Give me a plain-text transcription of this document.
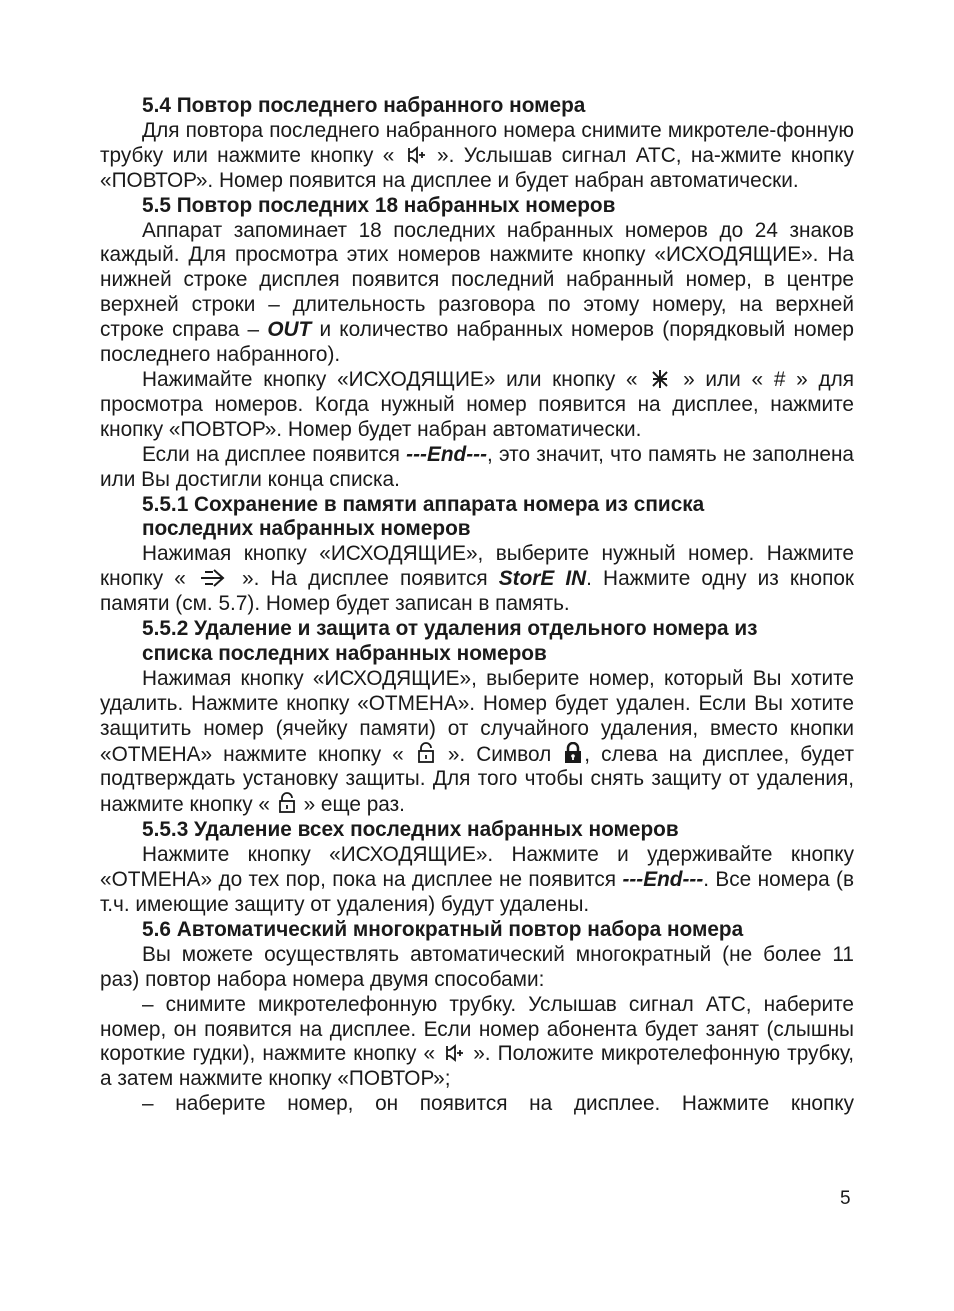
5.4 Повтор последнего набранного номера

Для повтора последнего набранного номера снимите микротеле-фонную трубку или нажмите кнопку « ». Услышав сигнал АТС, на-жмите кнопку «ПОВТОР». Номер появится на дисплее и будет набран автоматически.

5.5 Повтор последних 18 набранных номеров

Аппарат запоминает 18 последних набранных номеров до 24 знаков каждый. Для просмотра этих номеров нажмите кнопку «ИСХОДЯЩИЕ». На нижней строке дисплея появится последний набранный номер, в центре верхней строки – длительность разговора по этому номеру, на верхней строке справа – OUT и количество набранных номеров (порядковый номер последнего набранного).

Нажимайте кнопку «ИСХОДЯЩИЕ» или кнопку « » или « # » для просмотра номеров. Когда нужный номер появится на дисплее, нажмите кнопку «ПОВТОР». Номер будет набран автоматически.

Если на дисплее появится ---End---, это значит, что память не заполнена или Вы достигли конца списка.

5.5.1 Сохранение в памяти аппарата номера из списка

последних набранных номеров

Нажимая кнопку «ИСХОДЯЩИЕ», выберите нужный номер. Нажмите кнопку «	». На дисплее появится StorE IN. Нажмите одну из кнопок памяти (см. 5.7). Номер будет записан в память.

5.5.2 Удаление и защита от удаления отдельного номера из

списка последних набранных номеров

Нажимая кнопку «ИСХОДЯЩИЕ», выберите номер, который Вы хотите удалить. Нажмите кнопку «ОТМЕНА». Номер будет удален. Если Вы хотите защитить номер (ячейку памяти) от случайного удаления, вместо кнопки «ОТМЕНА» нажмите кнопку « ». Символ
, слева на дисплее, будет подтверждать установку защиты. Для того чтобы снять защиту от удаления, нажмите кнопку « » еще раз.

5.5.3 Удаление всех последних набранных номеров

Нажмите кнопку «ИСХОДЯЩИЕ». Нажмите и удерживайте кнопку «ОТМЕНА» до тех пор, пока на дисплее не появится ---End---. Все номера (в т.ч. имеющие защиту от удаления) будут удалены.

5.6 Автоматический многократный повтор набора номера

Вы можете осуществлять автоматический многократный (не более 11 раз) повтор набора номера двумя способами:

– снимите микротелефонную трубку. Услышав сигнал АТС, наберите номер, он появится на дисплее. Если номер абонента будет занят (слышны короткие гудки), нажмите кнопку « ». Положите микротелефонную трубку, а затем нажмите кнопку «ПОВТОР»;

– наберите номер, он появится на дисплее. Нажмите кнопку

5
